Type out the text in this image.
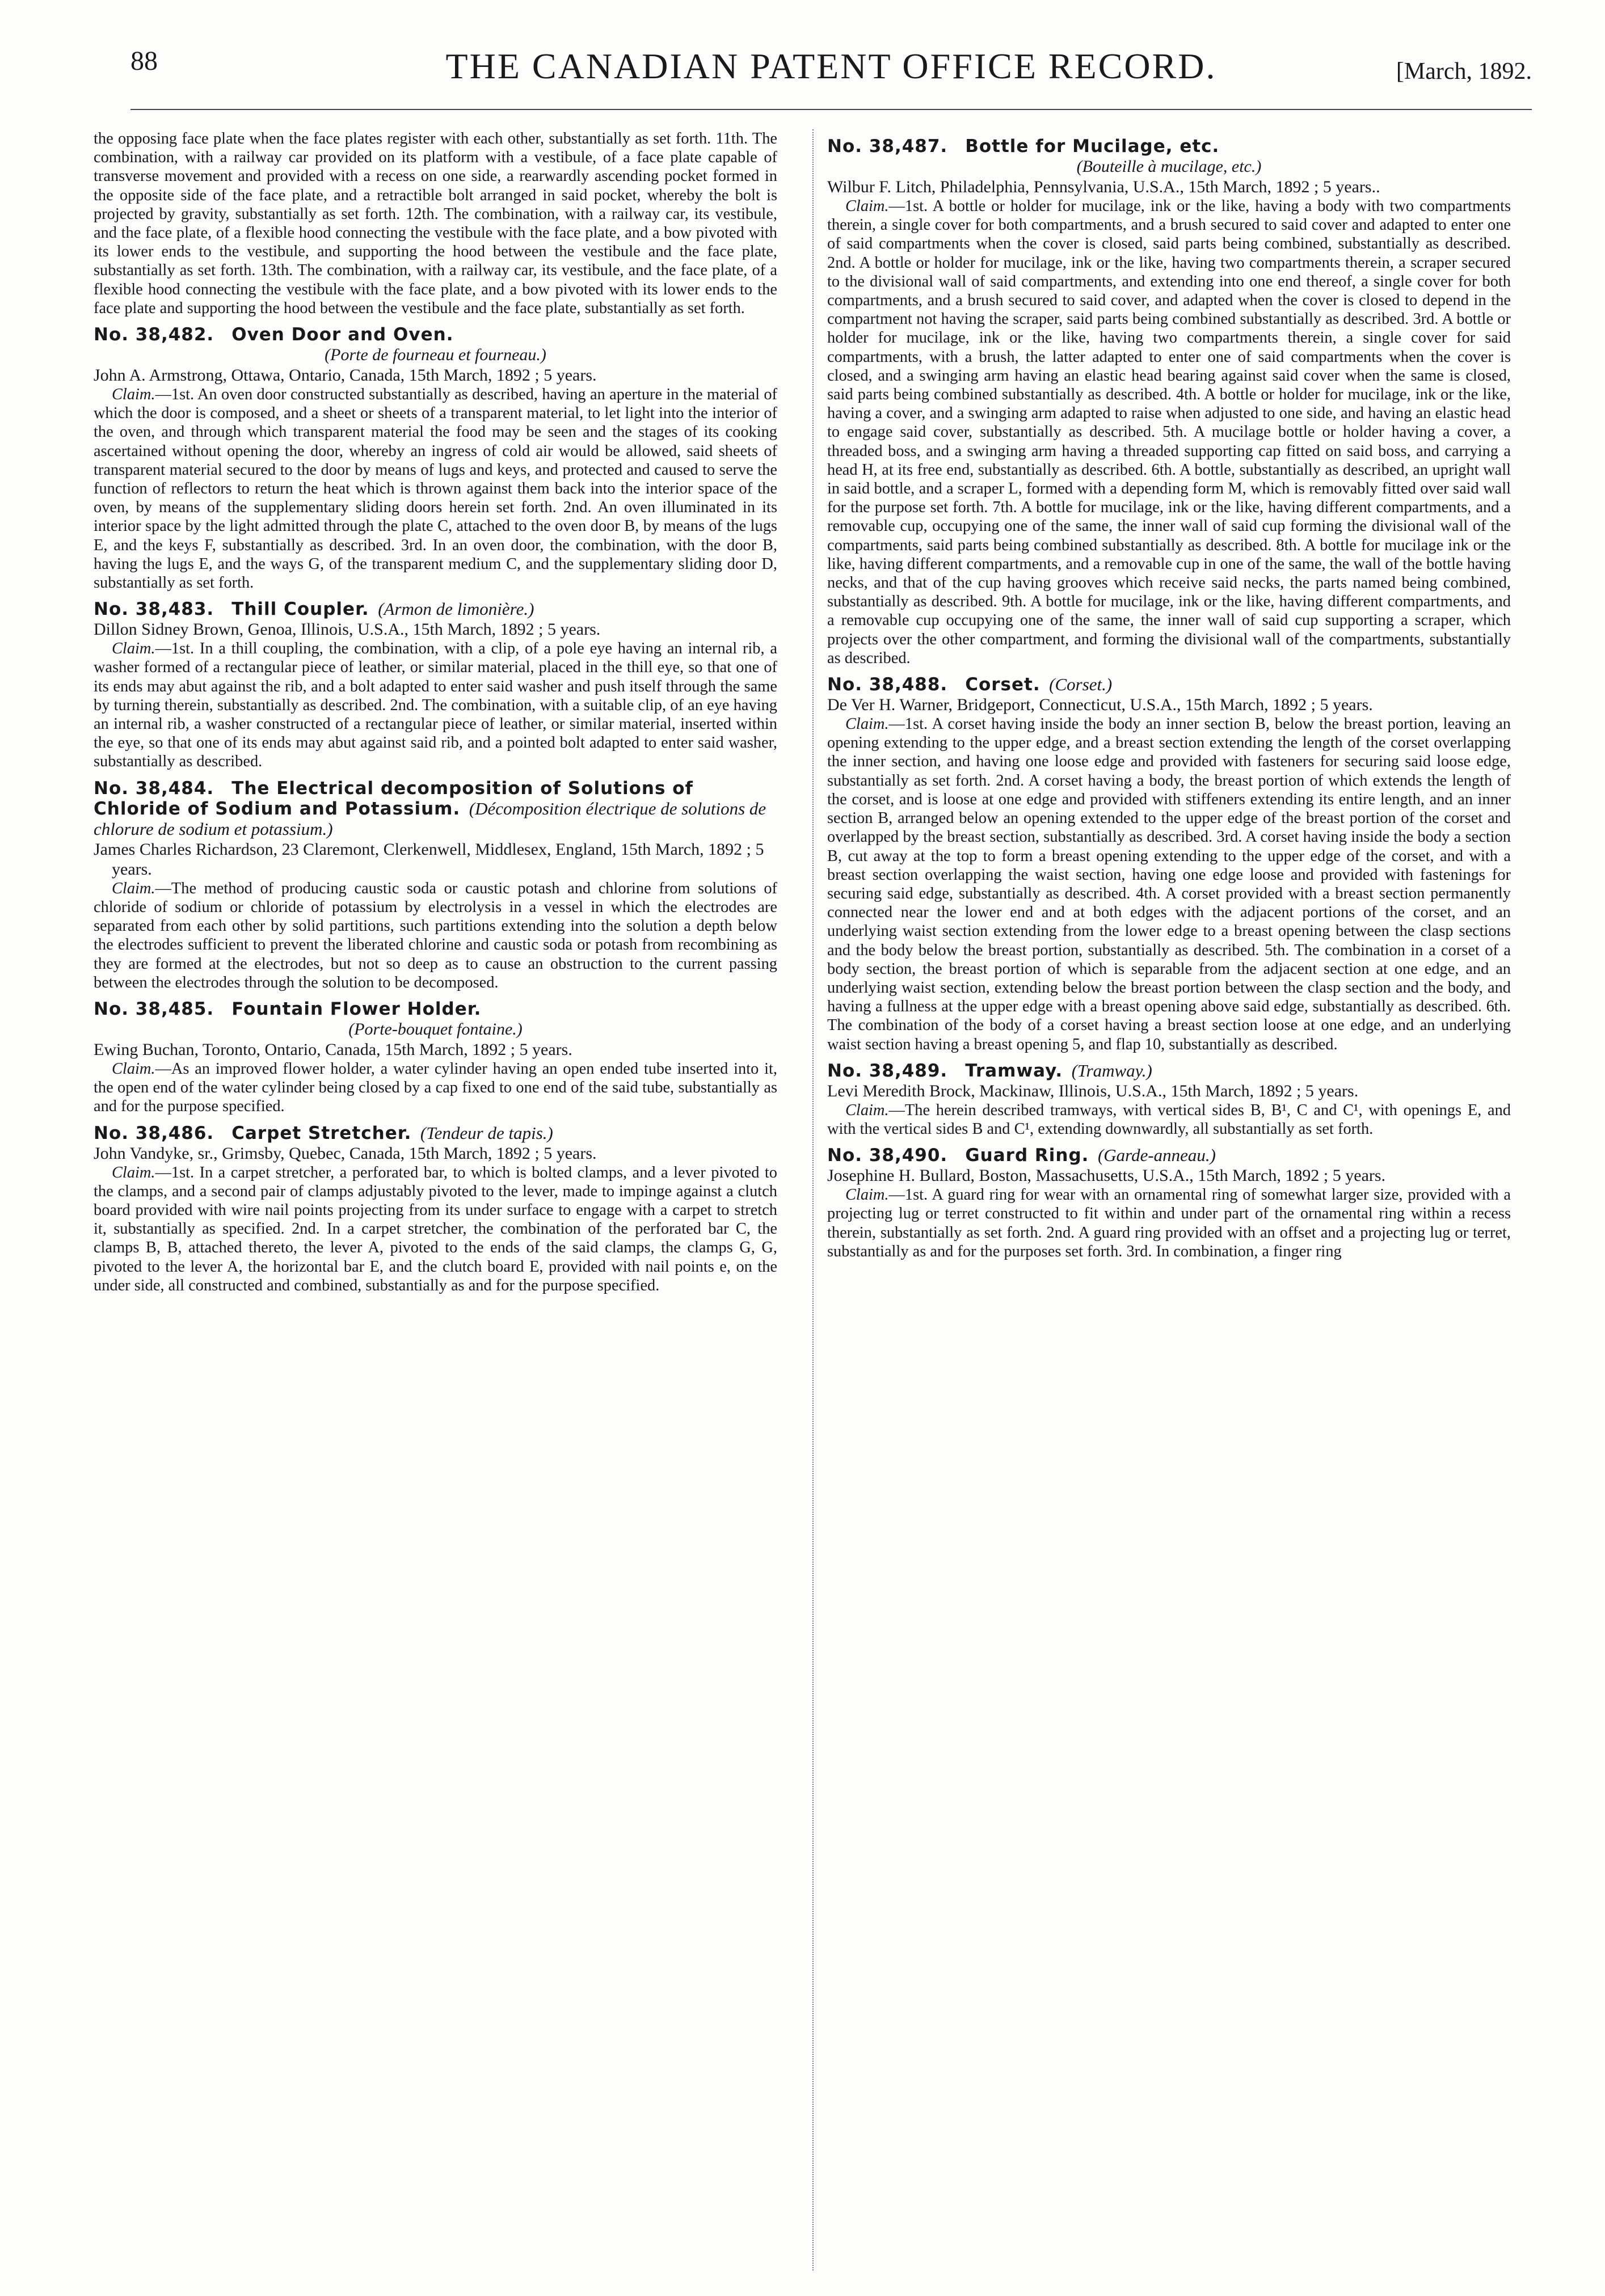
88	THE CANADIAN PATENT OFFICE RECORD.	[March, 1892.

the opposing face plate when the face plates register with each other, substantially as set forth. 11th. The combination, with a railway car provided on its platform with a vestibule, of a face plate capable of transverse movement and provided with a recess on one side, a rearwardly ascending pocket formed in the opposite side of the face plate, and a retractible bolt arranged in said pocket, whereby the bolt is projected by gravity, substantially as set forth. 12th. The combination, with a railway car, its vestibule, and the face plate, of a flexible hood connecting the vestibule with the face plate, and a bow pivoted with its lower ends to the vestibule, and supporting the hood between the vestibule and the face plate, substantially as set forth. 13th. The combination, with a railway car, its vestibule, and the face plate, of a flexible hood connecting the vestibule with the face plate, and a bow pivoted with its lower ends to the face plate and supporting the hood between the vestibule and the face plate, substantially as set forth.

No. 38,482.  Oven Door and Oven.

(Porte de fourneau et fourneau.)

John A. Armstrong, Ottawa, Ontario, Canada, 15th March, 1892 ; 5 years.

Claim.—1st. An oven door constructed substantially as described, having an aperture in the material of which the door is composed, and a sheet or sheets of a transparent material, to let light into the interior of the oven, and through which transparent material the food may be seen and the stages of its cooking ascertained without opening the door, whereby an ingress of cold air would be allowed, said sheets of transparent material secured to the door by means of lugs and keys, and protected and caused to serve the function of reflectors to return the heat which is thrown against them back into the interior space of the oven, by means of the supplementary sliding doors herein set forth. 2nd. An oven illuminated in its interior space by the light admitted through the plate C, attached to the oven door B, by means of the lugs E, and the keys F, substantially as described. 3rd. In an oven door, the combination, with the door B, having the lugs E, and the ways G, of the transparent medium C, and the supplementary sliding door D, substantially as set forth.

No. 38,483.  Thill Coupler.  (Armon de limonière.)

Dillon Sidney Brown, Genoa, Illinois, U.S.A., 15th March, 1892 ; 5 years.

Claim.—1st. In a thill coupling, the combination, with a clip, of a pole eye having an internal rib, a washer formed of a rectangular piece of leather, or similar material, placed in the thill eye, so that one of its ends may abut against the rib, and a bolt adapted to enter said washer and push itself through the same by turning therein, substantially as described. 2nd. The combination, with a suitable clip, of an eye having an internal rib, a washer constructed of a rectangular piece of leather, or similar material, inserted within the eye, so that one of its ends may abut against said rib, and a pointed bolt adapted to enter said washer, substantially as described.

No. 38,484.  The Electrical decomposition of Solutions of Chloride of Sodium and Potassium.  (Décomposition électrique de solutions de chlorure de sodium et potassium.)

James Charles Richardson, 23 Claremont, Clerkenwell, Middlesex, England, 15th March, 1892 ; 5 years.

Claim.—The method of producing caustic soda or caustic potash and chlorine from solutions of chloride of sodium or chloride of potassium by electrolysis in a vessel in which the electrodes are separated from each other by solid partitions, such partitions extending into the solution a depth below the electrodes sufficient to prevent the liberated chlorine and caustic soda or potash from recombining as they are formed at the electrodes, but not so deep as to cause an obstruction to the current passing between the electrodes through the solution to be decomposed.

No. 38,485.  Fountain Flower Holder.

(Porte-bouquet fontaine.)

Ewing Buchan, Toronto, Ontario, Canada, 15th March, 1892 ; 5 years.

Claim.—As an improved flower holder, a water cylinder having an open ended tube inserted into it, the open end of the water cylinder being closed by a cap fixed to one end of the said tube, substantially as and for the purpose specified.

No. 38,486.  Carpet Stretcher.  (Tendeur de tapis.)

John Vandyke, sr., Grimsby, Quebec, Canada, 15th March, 1892 ; 5 years.

Claim.—1st. In a carpet stretcher, a perforated bar, to which is bolted clamps, and a lever pivoted to the clamps, and a second pair of clamps adjustably pivoted to the lever, made to impinge against a clutch board provided with wire nail points projecting from its under surface to engage with a carpet to stretch it, substantially as specified. 2nd. In a carpet stretcher, the combination of the perforated bar C, the clamps B, B, attached thereto, the lever A, pivoted to the ends of the said clamps, the clamps G, G, pivoted to the lever A, the horizontal bar E, and the clutch board E, provided with nail points e, on the under side, all constructed and combined, substantially as and for the purpose specified.

No. 38,487.  Bottle for Mucilage, etc.

(Bouteille à mucilage, etc.)

Wilbur F. Litch, Philadelphia, Pennsylvania, U.S.A., 15th March, 1892 ; 5 years..

Claim.—1st. A bottle or holder for mucilage, ink or the like, having a body with two compartments therein, a single cover for both compartments, and a brush secured to said cover and adapted to enter one of said compartments when the cover is closed, said parts being combined, substantially as described. 2nd. A bottle or holder for mucilage, ink or the like, having two compartments therein, a scraper secured to the divisional wall of said compartments, and extending into one end thereof, a single cover for both compartments, and a brush secured to said cover, and adapted when the cover is closed to depend in the compartment not having the scraper, said parts being combined substantially as described. 3rd. A bottle or holder for mucilage, ink or the like, having two compartments therein, a single cover for said compartments, with a brush, the latter adapted to enter one of said compartments when the cover is closed, and a swinging arm having an elastic head bearing against said cover when the same is closed, said parts being combined substantially as described. 4th. A bottle or holder for mucilage, ink or the like, having a cover, and a swinging arm adapted to raise when adjusted to one side, and having an elastic head to engage said cover, substantially as described. 5th. A mucilage bottle or holder having a cover, a threaded boss, and a swinging arm having a threaded supporting cap fitted on said boss, and carrying a head H, at its free end, substantially as described. 6th. A bottle, substantially as described, an upright wall in said bottle, and a scraper L, formed with a depending form M, which is removably fitted over said wall for the purpose set forth. 7th. A bottle for mucilage, ink or the like, having different compartments, and a removable cup, occupying one of the same, the inner wall of said cup forming the divisional wall of the compartments, said parts being combined substantially as described. 8th. A bottle for mucilage ink or the like, having different compartments, and a removable cup in one of the same, the wall of the bottle having necks, and that of the cup having grooves which receive said necks, the parts named being combined, substantially as described. 9th. A bottle for mucilage, ink or the like, having different compartments, and a removable cup occupying one of the same, the inner wall of said cup supporting a scraper, which projects over the other compartment, and forming the divisional wall of the compartments, substantially as described.

No. 38,488.  Corset.  (Corset.)

De Ver H. Warner, Bridgeport, Connecticut, U.S.A., 15th March, 1892 ; 5 years.

Claim.—1st. A corset having inside the body an inner section B, below the breast portion, leaving an opening extending to the upper edge, and a breast section extending the length of the corset overlapping the inner section, and having one loose edge and provided with fasteners for securing said loose edge, substantially as set forth. 2nd. A corset having a body, the breast portion of which extends the length of the corset, and is loose at one edge and provided with stiffeners extending its entire length, and an inner section B, arranged below an opening extended to the upper edge of the breast portion of the corset and overlapped by the breast section, substantially as described. 3rd. A corset having inside the body a section B, cut away at the top to form a breast opening extending to the upper edge of the corset, and with a breast section overlapping the waist section, having one edge loose and provided with fastenings for securing said edge, substantially as described. 4th. A corset provided with a breast section permanently connected near the lower end and at both edges with the adjacent portions of the corset, and an underlying waist section extending from the lower edge to a breast opening between the clasp sections and the body below the breast portion, substantially as described. 5th. The combination in a corset of a body section, the breast portion of which is separable from the adjacent section at one edge, and an underlying waist section, extending below the breast portion between the clasp section and the body, and having a fullness at the upper edge with a breast opening above said edge, substantially as described. 6th. The combination of the body of a corset having a breast section loose at one edge, and an underlying waist section having a breast opening 5, and flap 10, substantially as described.

No. 38,489.  Tramway.  (Tramway.)

Levi Meredith Brock, Mackinaw, Illinois, U.S.A., 15th March, 1892 ; 5 years.

Claim.—The herein described tramways, with vertical sides B, B¹, C and C¹, with openings E, and with the vertical sides B and C¹, extending downwardly, all substantially as set forth.

No. 38,490.  Guard Ring.  (Garde-anneau.)

Josephine H. Bullard, Boston, Massachusetts, U.S.A., 15th March, 1892 ; 5 years.

Claim.—1st. A guard ring for wear with an ornamental ring of somewhat larger size, provided with a projecting lug or terret constructed to fit within and under part of the ornamental ring within a recess therein, substantially as set forth. 2nd. A guard ring provided with an offset and a projecting lug or terret, substantially as and for the purposes set forth. 3rd. In combination, a finger ring
